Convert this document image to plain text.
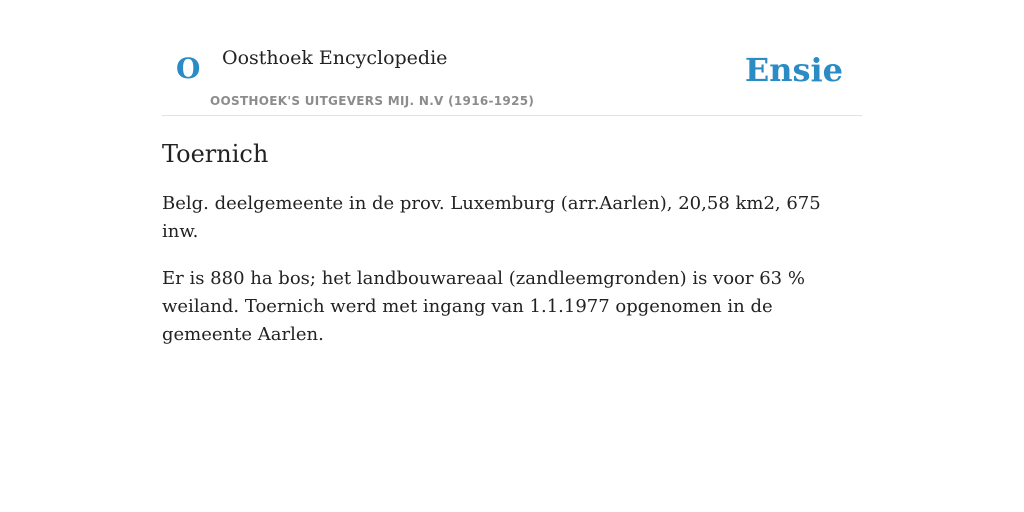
O Oosthoek Encyclopedie
OOSTHOEK'S UITGEVERS MIJ. N.V (1916-1925)
Ensie
Toernich

Belg. deelgemeente in de prov. Luxemburg (arr.Aarlen), 20,58 km2, 675 inw.

Er is 880 ha bos; het landbouwareaal (zandleemgronden) is voor 63 % weiland. Toernich werd met ingang van 1.1.1977 opgenomen in de gemeente Aarlen.
